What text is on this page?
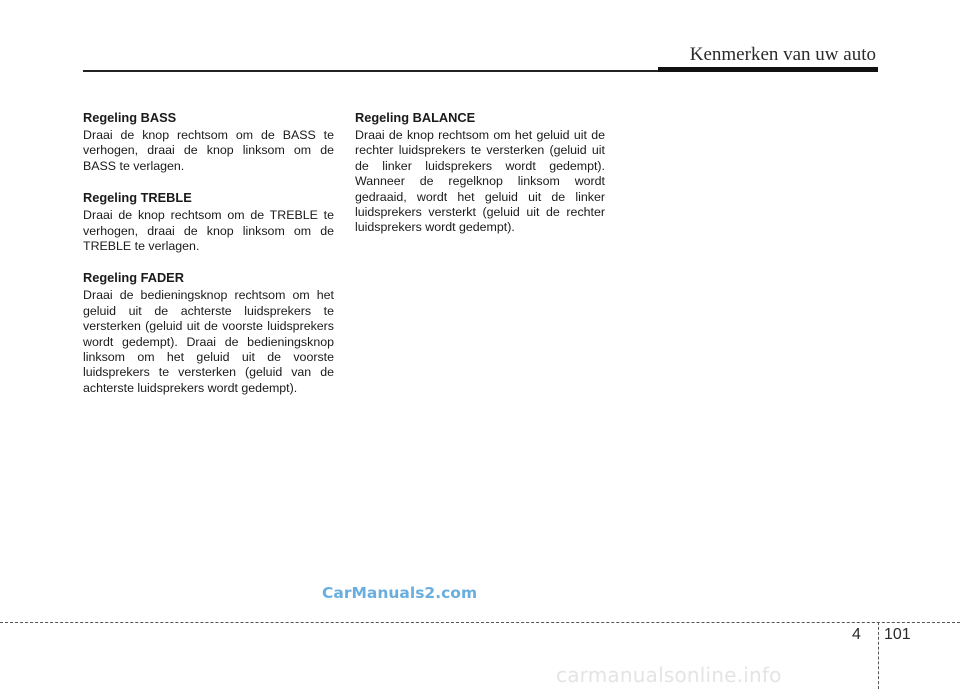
Kenmerken van uw auto
Regeling BASS

Draai de knop rechtsom om de BASS te verhogen, draai de knop linksom om de BASS te verlagen.

Regeling TREBLE

Draai de knop rechtsom om de TREBLE te verhogen, draai de knop linksom om de TREBLE te verlagen.

Regeling FADER

Draai de bedieningsknop rechtsom om het geluid uit de achterste luidsprekers te versterken (geluid uit de voorste luidsprekers wordt gedempt). Draai de bedieningsknop linksom om het geluid uit de voorste luidsprekers te versterken (geluid van de achterste luidsprekers wordt gedempt).

Regeling BALANCE

Draai de knop rechtsom om het geluid uit de rechter luidsprekers te versterken (geluid uit de linker luidsprekers wordt gedempt). Wanneer de regelknop linksom wordt gedraaid, wordt het geluid uit de linker luidsprekers versterkt (geluid uit de rechter luidsprekers wordt gedempt).

CarManuals2.com
4 101
carmanualsonline.info
